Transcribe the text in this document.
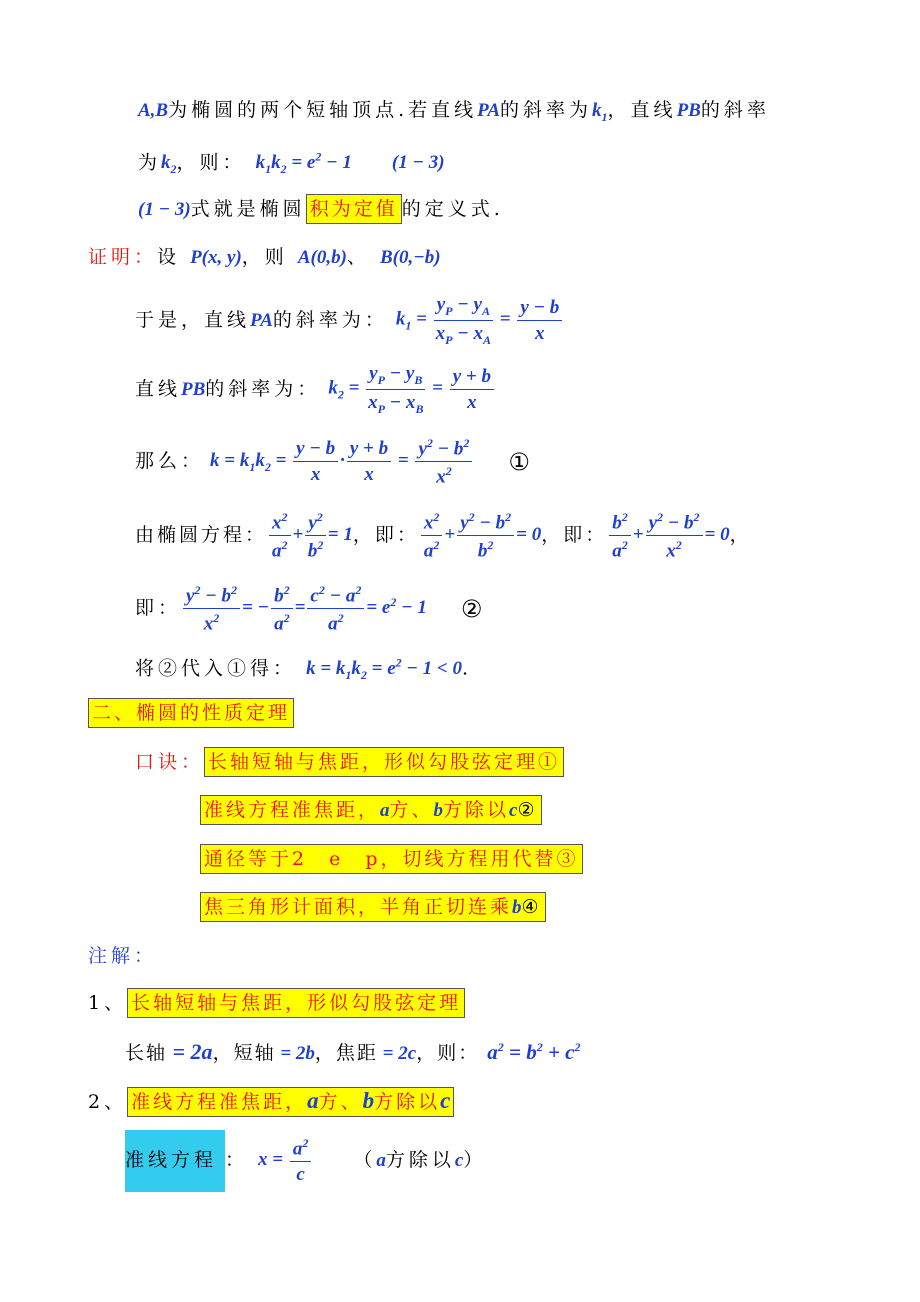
A,B为椭圆的两个短轴顶点.若直线PA的斜率为$k_1$，直线PB的斜率
为$k_2$，则： $k_1k_2 = e^2 - 1$ (1 − 3)
(1 − 3)式就是椭圆 积为定值 的定义式.
证明：设 P(x, y)，则 A(0,b)、 B(0,−b)
于是，直线 PA 的斜率为： $k_1 = \frac{y_P - y_A}{x_P - x_A} = \frac{y - b}{x}$
直线 PB 的斜率为： $k_2 = \frac{y_P - y_B}{x_P - x_B} = \frac{y + b}{x}$
那么： $k = k_1k_2 = \frac{y - b}{x} \cdot \frac{y + b}{x} = \frac{y^2 - b^2}{x^2}$ ①
由椭圆方程： $\frac{x^2}{a^2} + \frac{y^2}{b^2} = 1$ ，即： $\frac{x^2}{a^2} + \frac{y^2 - b^2}{b^2} = 0$ ，即： $\frac{b^2}{a^2} + \frac{y^2 - b^2}{x^2} = 0$ ，
即： $\frac{y^2 - b^2}{x^2}$ = − $\frac{b^2}{a^2} = \frac{c^2 - a^2}{a^2} = e^2 - 1$ ②
将②代入①得： $k = k_1k_2 = e^2 - 1 < 0$.
二、椭圆的性质定理
口诀： 长轴短轴与焦距，形似勾股弦定理①
准线方程准焦距，a方、b方除以c②
通径等于2　e　p，切线方程用代替③
焦三角形计面积，半角正切连乘b④
注解：
1、 长轴短轴与焦距，形似勾股弦定理
长轴 = 2a，短轴 = 2b，焦距 = 2c，则： $a^2 = b^2 + c^2$
2、 准线方程准焦距，a方、b方除以c
准线方程 ： $x = \frac{a^2}{c} (a$方除以c）
